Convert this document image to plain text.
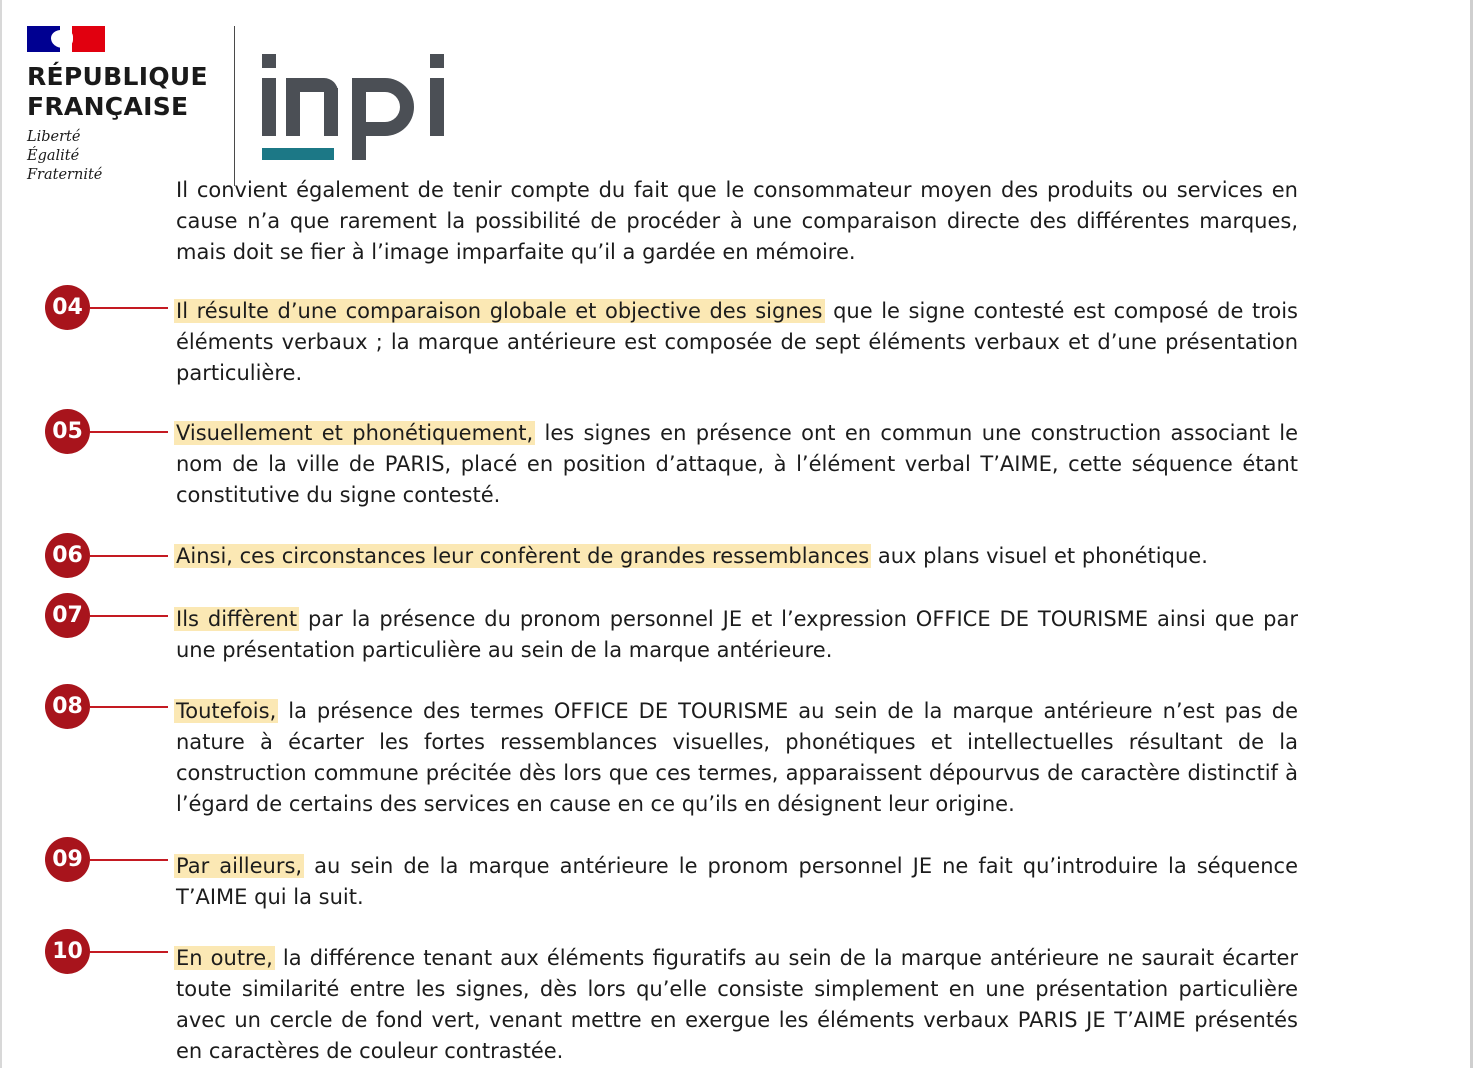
RÉPUBLIQUE
FRANÇAISE
Liberté
Égalité
Fraternité
Il convient également de tenir compte du fait que le consommateur moyen des produits ou services en cause n’a que rarement la possibilité de procéder à une comparaison directe des différentes marques, mais doit se fier à l’image imparfaite qu’il a gardée en mémoire.
04	Il résulte d’une comparaison globale et objective des signes que le signe contesté est composé de trois éléments verbaux ; la marque antérieure est composée de sept éléments verbaux et d’une présentation particulière.
05	Visuellement et phonétiquement, les signes en présence ont en commun une construction associant le nom de la ville de PARIS, placé en position d’attaque, à l’élément verbal T’AIME, cette séquence étant constitutive du signe contesté.
06	Ainsi, ces circonstances leur confèrent de grandes ressemblances aux plans visuel et phonétique.
07	Ils diffèrent par la présence du pronom personnel JE et l’expression OFFICE DE TOURISME ainsi que par une présentation particulière au sein de la marque antérieure.
08	Toutefois, la présence des termes OFFICE DE TOURISME au sein de la marque antérieure n’est pas de nature à écarter les fortes ressemblances visuelles, phonétiques et intellectuelles résultant de la construction commune précitée dès lors que ces termes, apparaissent dépourvus de caractère distinctif à l’égard de certains des services en cause en ce qu’ils en désignent leur origine.
09	Par ailleurs, au sein de la marque antérieure le pronom personnel JE ne fait qu’introduire la séquence T’AIME qui la suit.
10	En outre, la différence tenant aux éléments figuratifs au sein de la marque antérieure ne saurait écarter toute similarité entre les signes, dès lors qu’elle consiste simplement en une présentation particulière avec un cercle de fond vert, venant mettre en exergue les éléments verbaux PARIS JE T’AIME présentés en caractères de couleur contrastée.
